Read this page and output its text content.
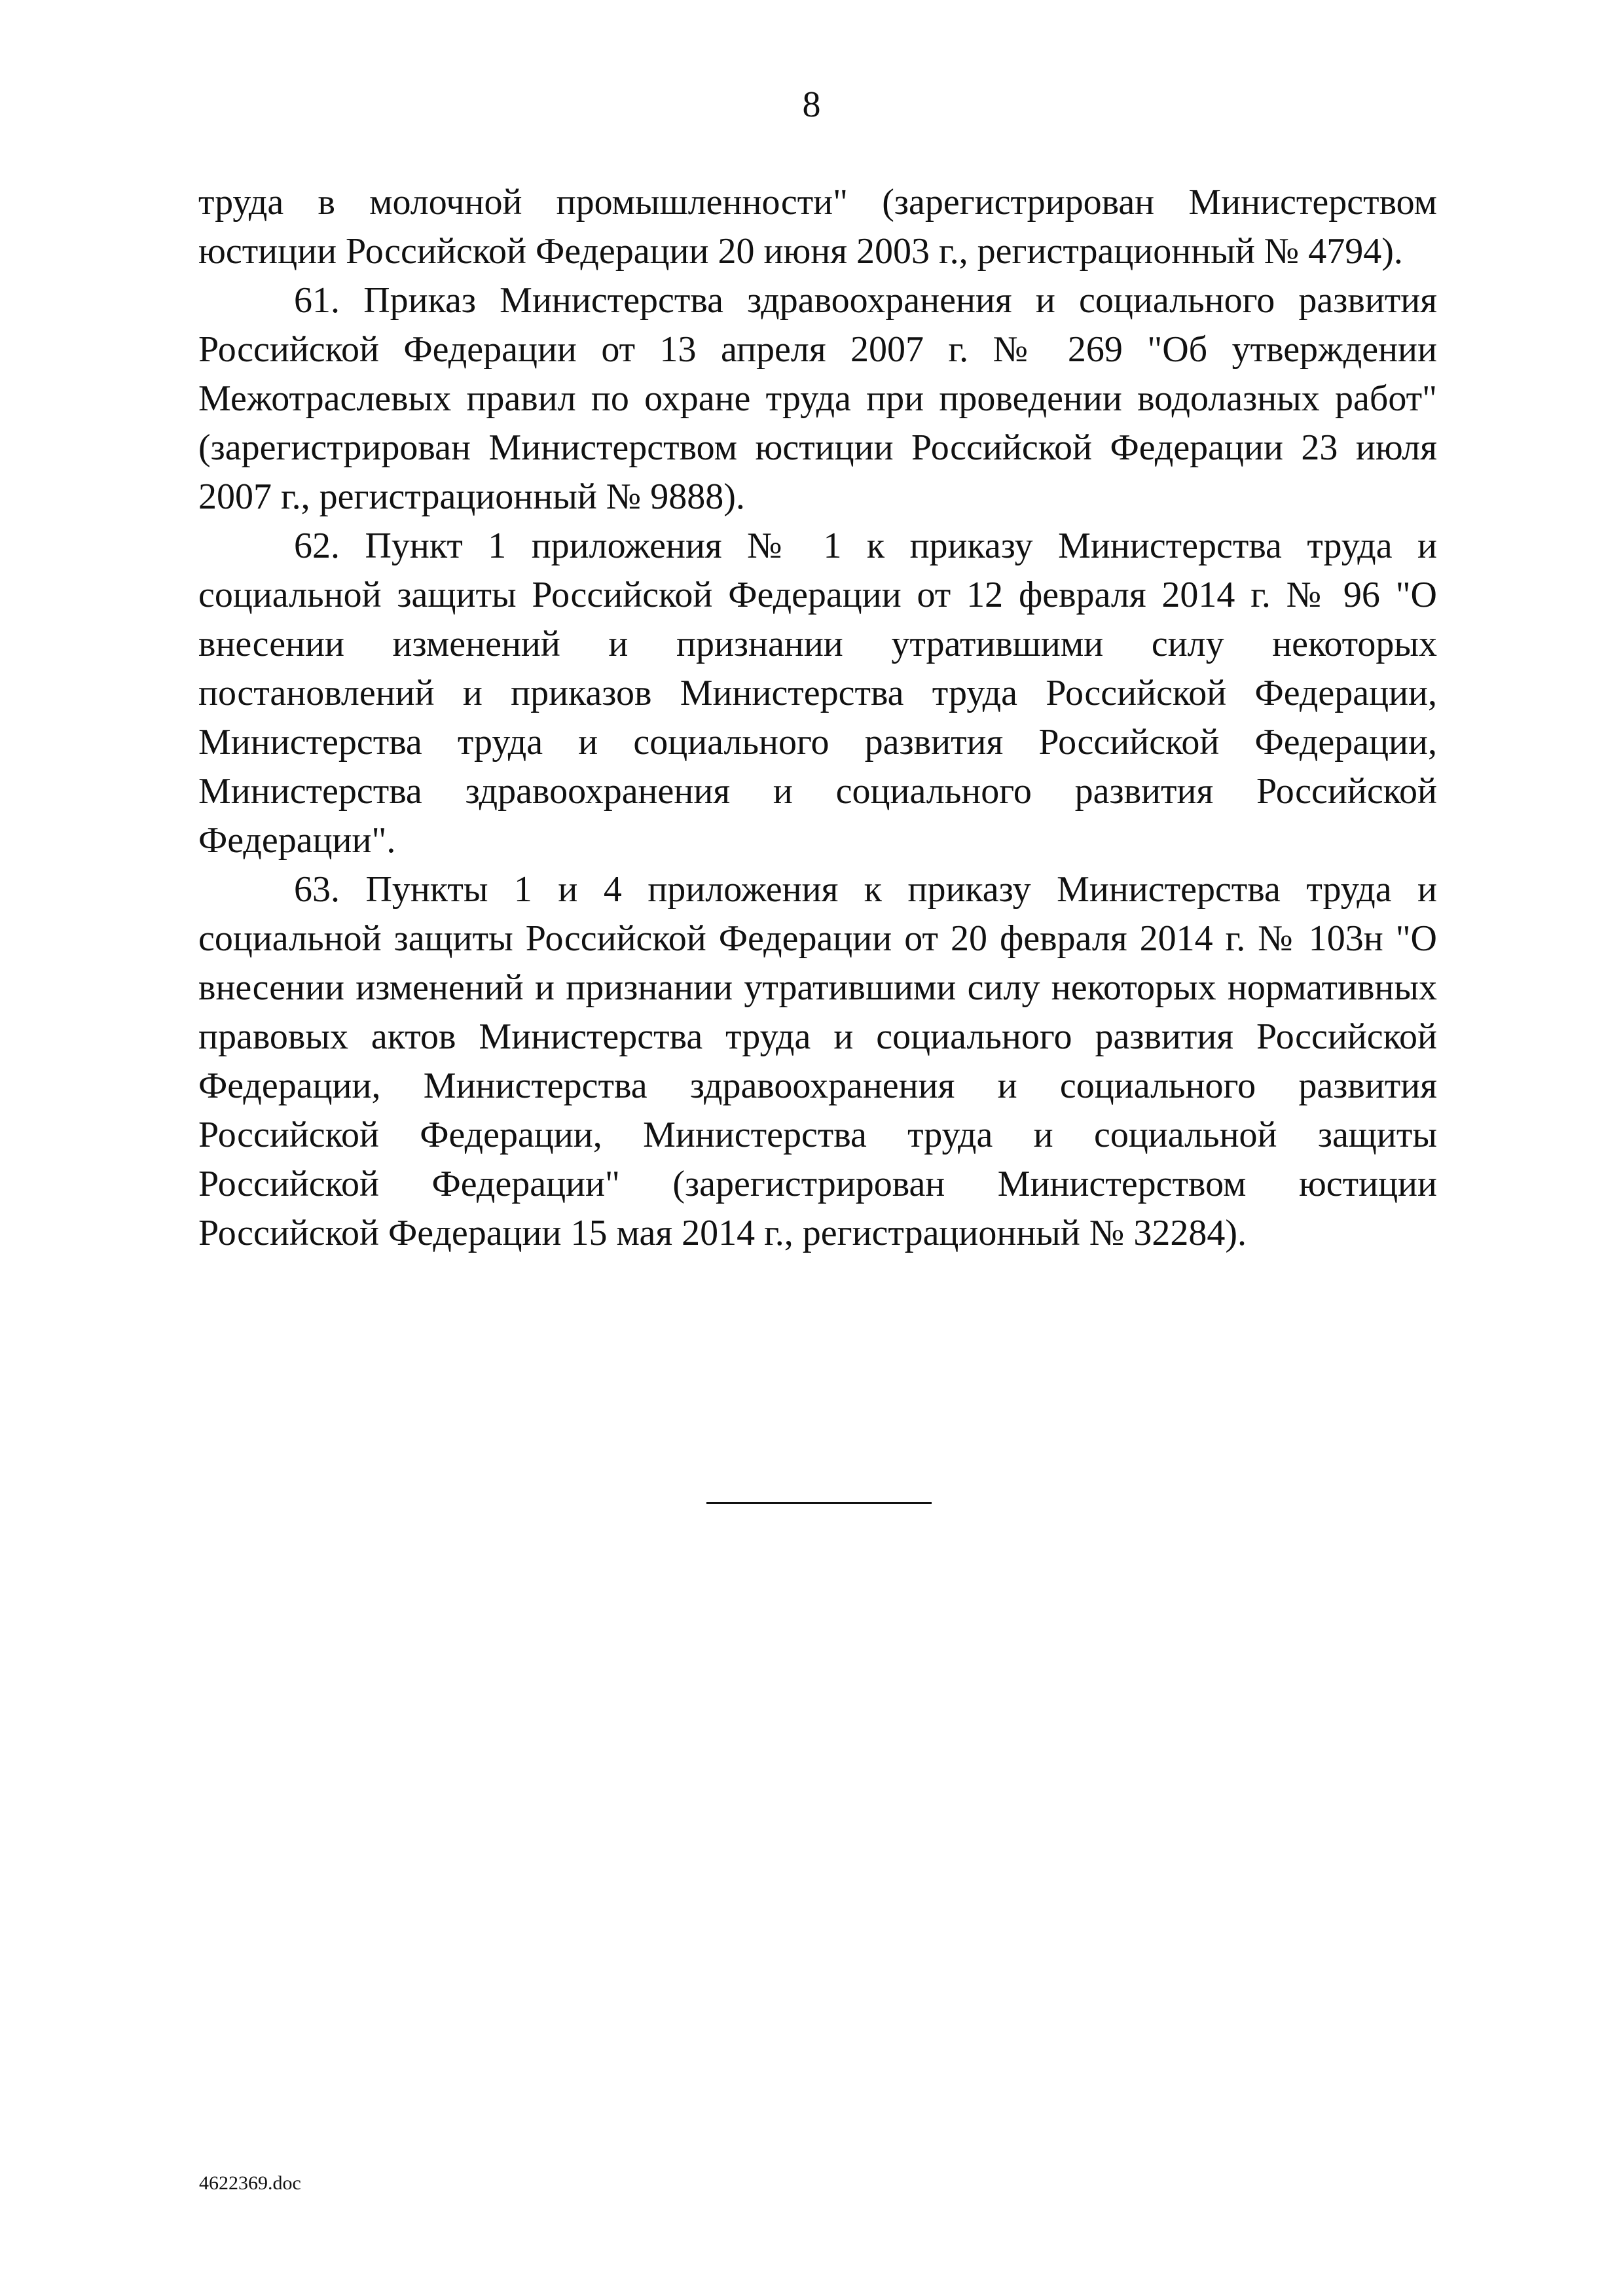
8

труда в молочной промышленности" (зарегистрирован Министерством юстиции Российской Федерации 20 июня 2003 г., регистрационный № 4794).

61. Приказ Министерства здравоохранения и социального развития Российской Федерации от 13 апреля 2007 г. № 269 "Об утверждении Межотраслевых правил по охране труда при проведении водолазных работ" (зарегистрирован Министерством юстиции Российской Федерации 23 июля 2007 г., регистрационный № 9888).

62. Пункт 1 приложения № 1 к приказу Министерства труда и социальной защиты Российской Федерации от 12 февраля 2014 г. № 96 "О внесении изменений и признании утратившими силу некоторых постановлений и приказов Министерства труда Российской Федерации, Министерства труда и социального развития Российской Федерации, Министерства здравоохранения и социального развития Российской Федерации".

63. Пункты 1 и 4 приложения к приказу Министерства труда и социальной защиты Российской Федерации от 20 февраля 2014 г. № 103н "О внесении изменений и признании утратившими силу некоторых нормативных правовых актов Министерства труда и социального развития Российской Федерации, Министерства здравоохранения и социального развития Российской Федерации, Министерства труда и социальной защиты Российской Федерации" (зарегистрирован Министерством юстиции Российской Федерации 15 мая 2014 г., регистрационный № 32284).

4622369.doc
